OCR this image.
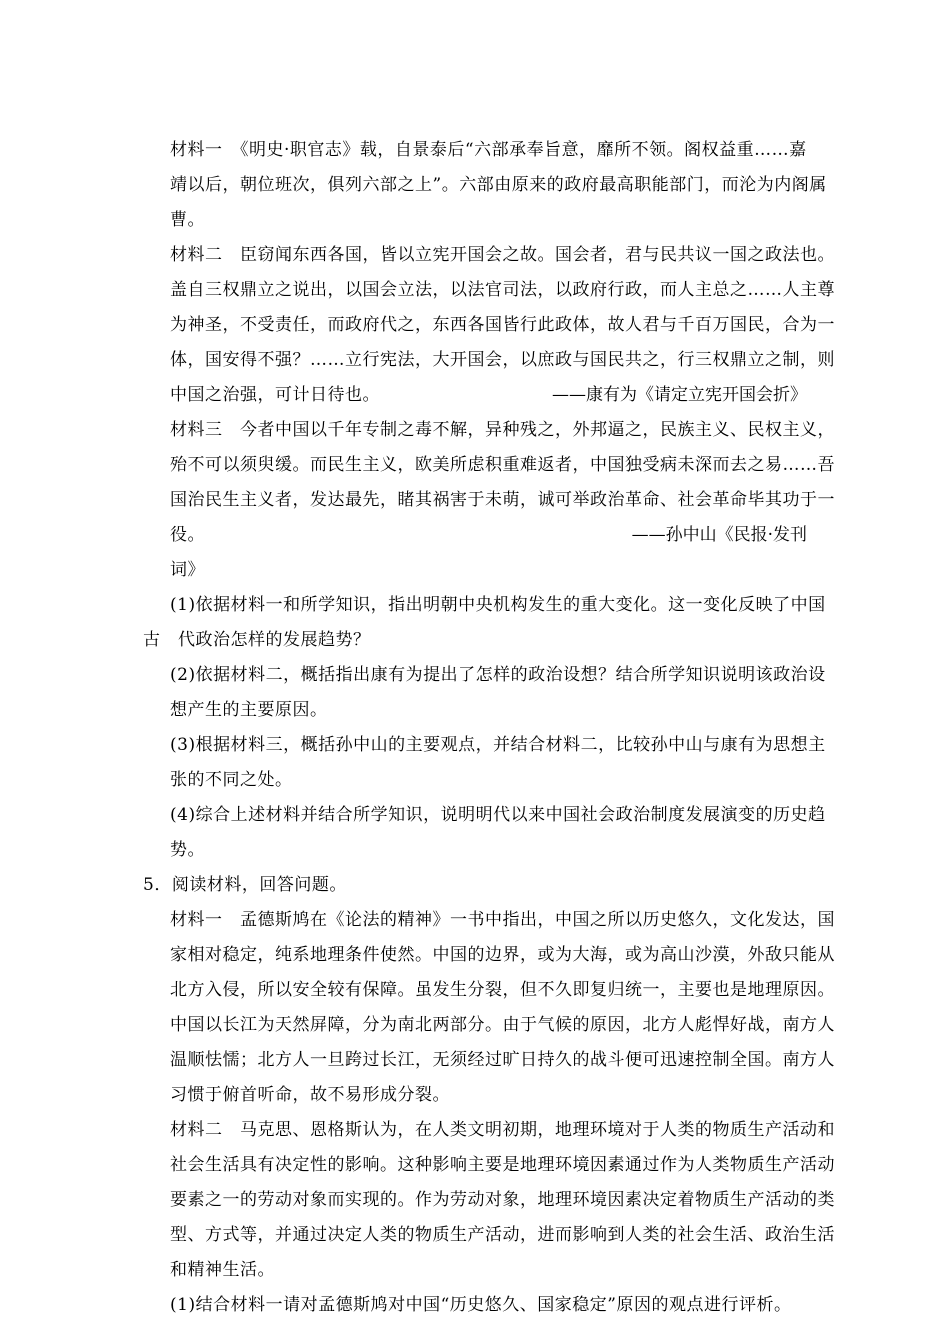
材料一　《明史·职官志》载，自景泰后“六部承奉旨意，靡所不领。阁权益重……嘉
靖以后，朝位班次，俱列六部之上”。六部由原来的政府最高职能部门，而沦为内阁属
曹。
材料二　臣窃闻东西各国，皆以立宪开国会之故。国会者，君与民共议一国之政法也。
盖自三权鼎立之说出，以国会立法，以法官司法，以政府行政，而人主总之……人主尊
为神圣，不受责任，而政府代之，东西各国皆行此政体，故人君与千百万国民，合为一
体，国安得不强？……立行宪法，大开国会，以庶政与国民共之，行三权鼎立之制，则
中国之治强，可计日待也。
材料三　今者中国以千年专制之毒不解，异种残之，外邦逼之，民族主义、民权主义，
殆不可以须臾缓。而民生主义，欧美所虑积重难返者，中国独受病未深而去之易……吾
国治民生主义者，发达最先，睹其祸害于未萌，诚可举政治革命、社会革命毕其功于一
役。
词》
(1)依据材料一和所学知识，指出明朝中央机构发生的重大变化。这一变化反映了中国
古　代政治怎样的发展趋势？
(2)依据材料二，概括指出康有为提出了怎样的政治设想？结合所学知识说明该政治设
想产生的主要原因。
(3)根据材料三，概括孙中山的主要观点，并结合材料二，比较孙中山与康有为思想主
张的不同之处。
(4)综合上述材料并结合所学知识，说明明代以来中国社会政治制度发展演变的历史趋
势。
5．阅读材料，回答问题。
材料一　孟德斯鸠在《论法的精神》一书中指出，中国之所以历史悠久，文化发达，国
家相对稳定，纯系地理条件使然。中国的边界，或为大海，或为高山沙漠，外敌只能从
北方入侵，所以安全较有保障。虽发生分裂，但不久即复归统一，主要也是地理原因。
中国以长江为天然屏障，分为南北两部分。由于气候的原因，北方人彪悍好战，南方人
温顺怯懦；北方人一旦跨过长江，无须经过旷日持久的战斗便可迅速控制全国。南方人
习惯于俯首听命，故不易形成分裂。
材料二　马克思、恩格斯认为，在人类文明初期，地理环境对于人类的物质生产活动和
社会生活具有决定性的影响。这种影响主要是地理环境因素通过作为人类物质生产活动
要素之一的劳动对象而实现的。作为劳动对象，地理环境因素决定着物质生产活动的类
型、方式等，并通过决定人类的物质生产活动，进而影响到人类的社会生活、政治生活
和精神生活。
(1)结合材料一请对孟德斯鸠对中国“历史悠久、国家稳定”原因的观点进行评析。
——康有为《请定立宪开国会折》
——孙中山《民报·发刊
